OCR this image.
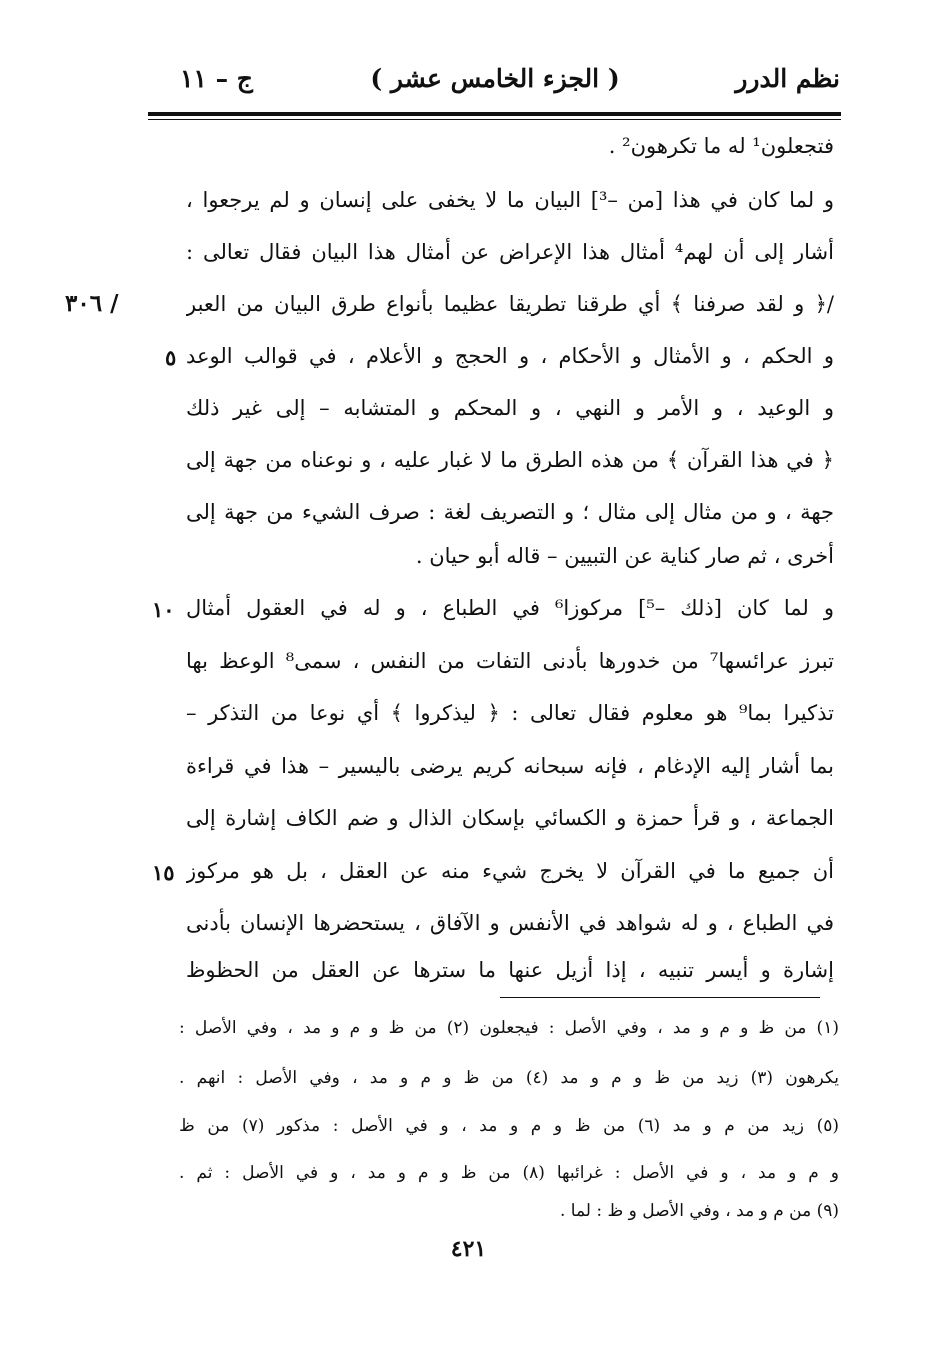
نظم الدرر
( الجزء الخامس عشر )
ج – ١١
٣٠٦ /
٥
١٠
١٥
فتجعلون¹ له ما تكرهون² .
و لما كان في هذا [من –³] البيان ما لا يخفى على إنسان و لم يرجعوا ،
أشار إلى أن لهم⁴ أمثال هذا الإعراض عن أمثال هذا البيان فقال تعالى :
/﴿ و لقد صرفنا ﴾ أي طرقنا تطريقا عظيما بأنواع طرق البيان من العبر
و الحكم ، و الأمثال و الأحكام ، و الحجج و الأعلام ، في قوالب الوعد
و الوعيد ، و الأمر و النهي ، و المحكم و المتشابه – إلى غير ذلك
﴿ في هذا القرآن ﴾ من هذه الطرق ما لا غبار عليه ، و نوعناه من جهة إلى
جهة ، و من مثال إلى مثال ؛ و التصريف لغة : صرف الشيء من جهة إلى
أخرى ، ثم صار كناية عن التبيين – قاله أبو حيان .
و لما كان [ذلك –⁵] مركوزا⁶ في الطباع ، و له في العقول أمثال
تبرز عرائسها⁷ من خدورها بأدنى التفات من النفس ، سمى⁸ الوعظ بها
تذكيرا بما⁹ هو معلوم فقال تعالى : ﴿ ليذكروا ﴾ أي نوعا من التذكر –
بما أشار إليه الإدغام ، فإنه سبحانه كريم يرضى باليسير – هذا في قراءة
الجماعة ، و قرأ حمزة و الكسائي بإسكان الذال و ضم الكاف إشارة إلى
أن جميع ما في القرآن لا يخرج شيء منه عن العقل ، بل هو مركوز
في الطباع ، و له شواهد في الأنفس و الآفاق ، يستحضرها الإنسان بأدنى
إشارة و أيسر تنبيه ، إذا أزيل عنها ما سترها عن العقل من الحظوظ
(١) من ظ و م و مد ، وفي الأصل : فيجعلون (٢) من ظ و م و مد ، وفي الأصل :
يكرهون (٣) زيد من ظ و م و مد (٤) من ظ و م و مد ، وفي الأصل : انهم .
(٥) زيد من م و مد (٦) من ظ و م و مد ، و في الأصل : مذكور (٧) من ظ
و م و مد ، و في الأصل : غرائبها (٨) من ظ و م و مد ، و في الأصل : ثم .
(٩) من م و مد ، وفي الأصل و ظ : لما .
٤٢١
